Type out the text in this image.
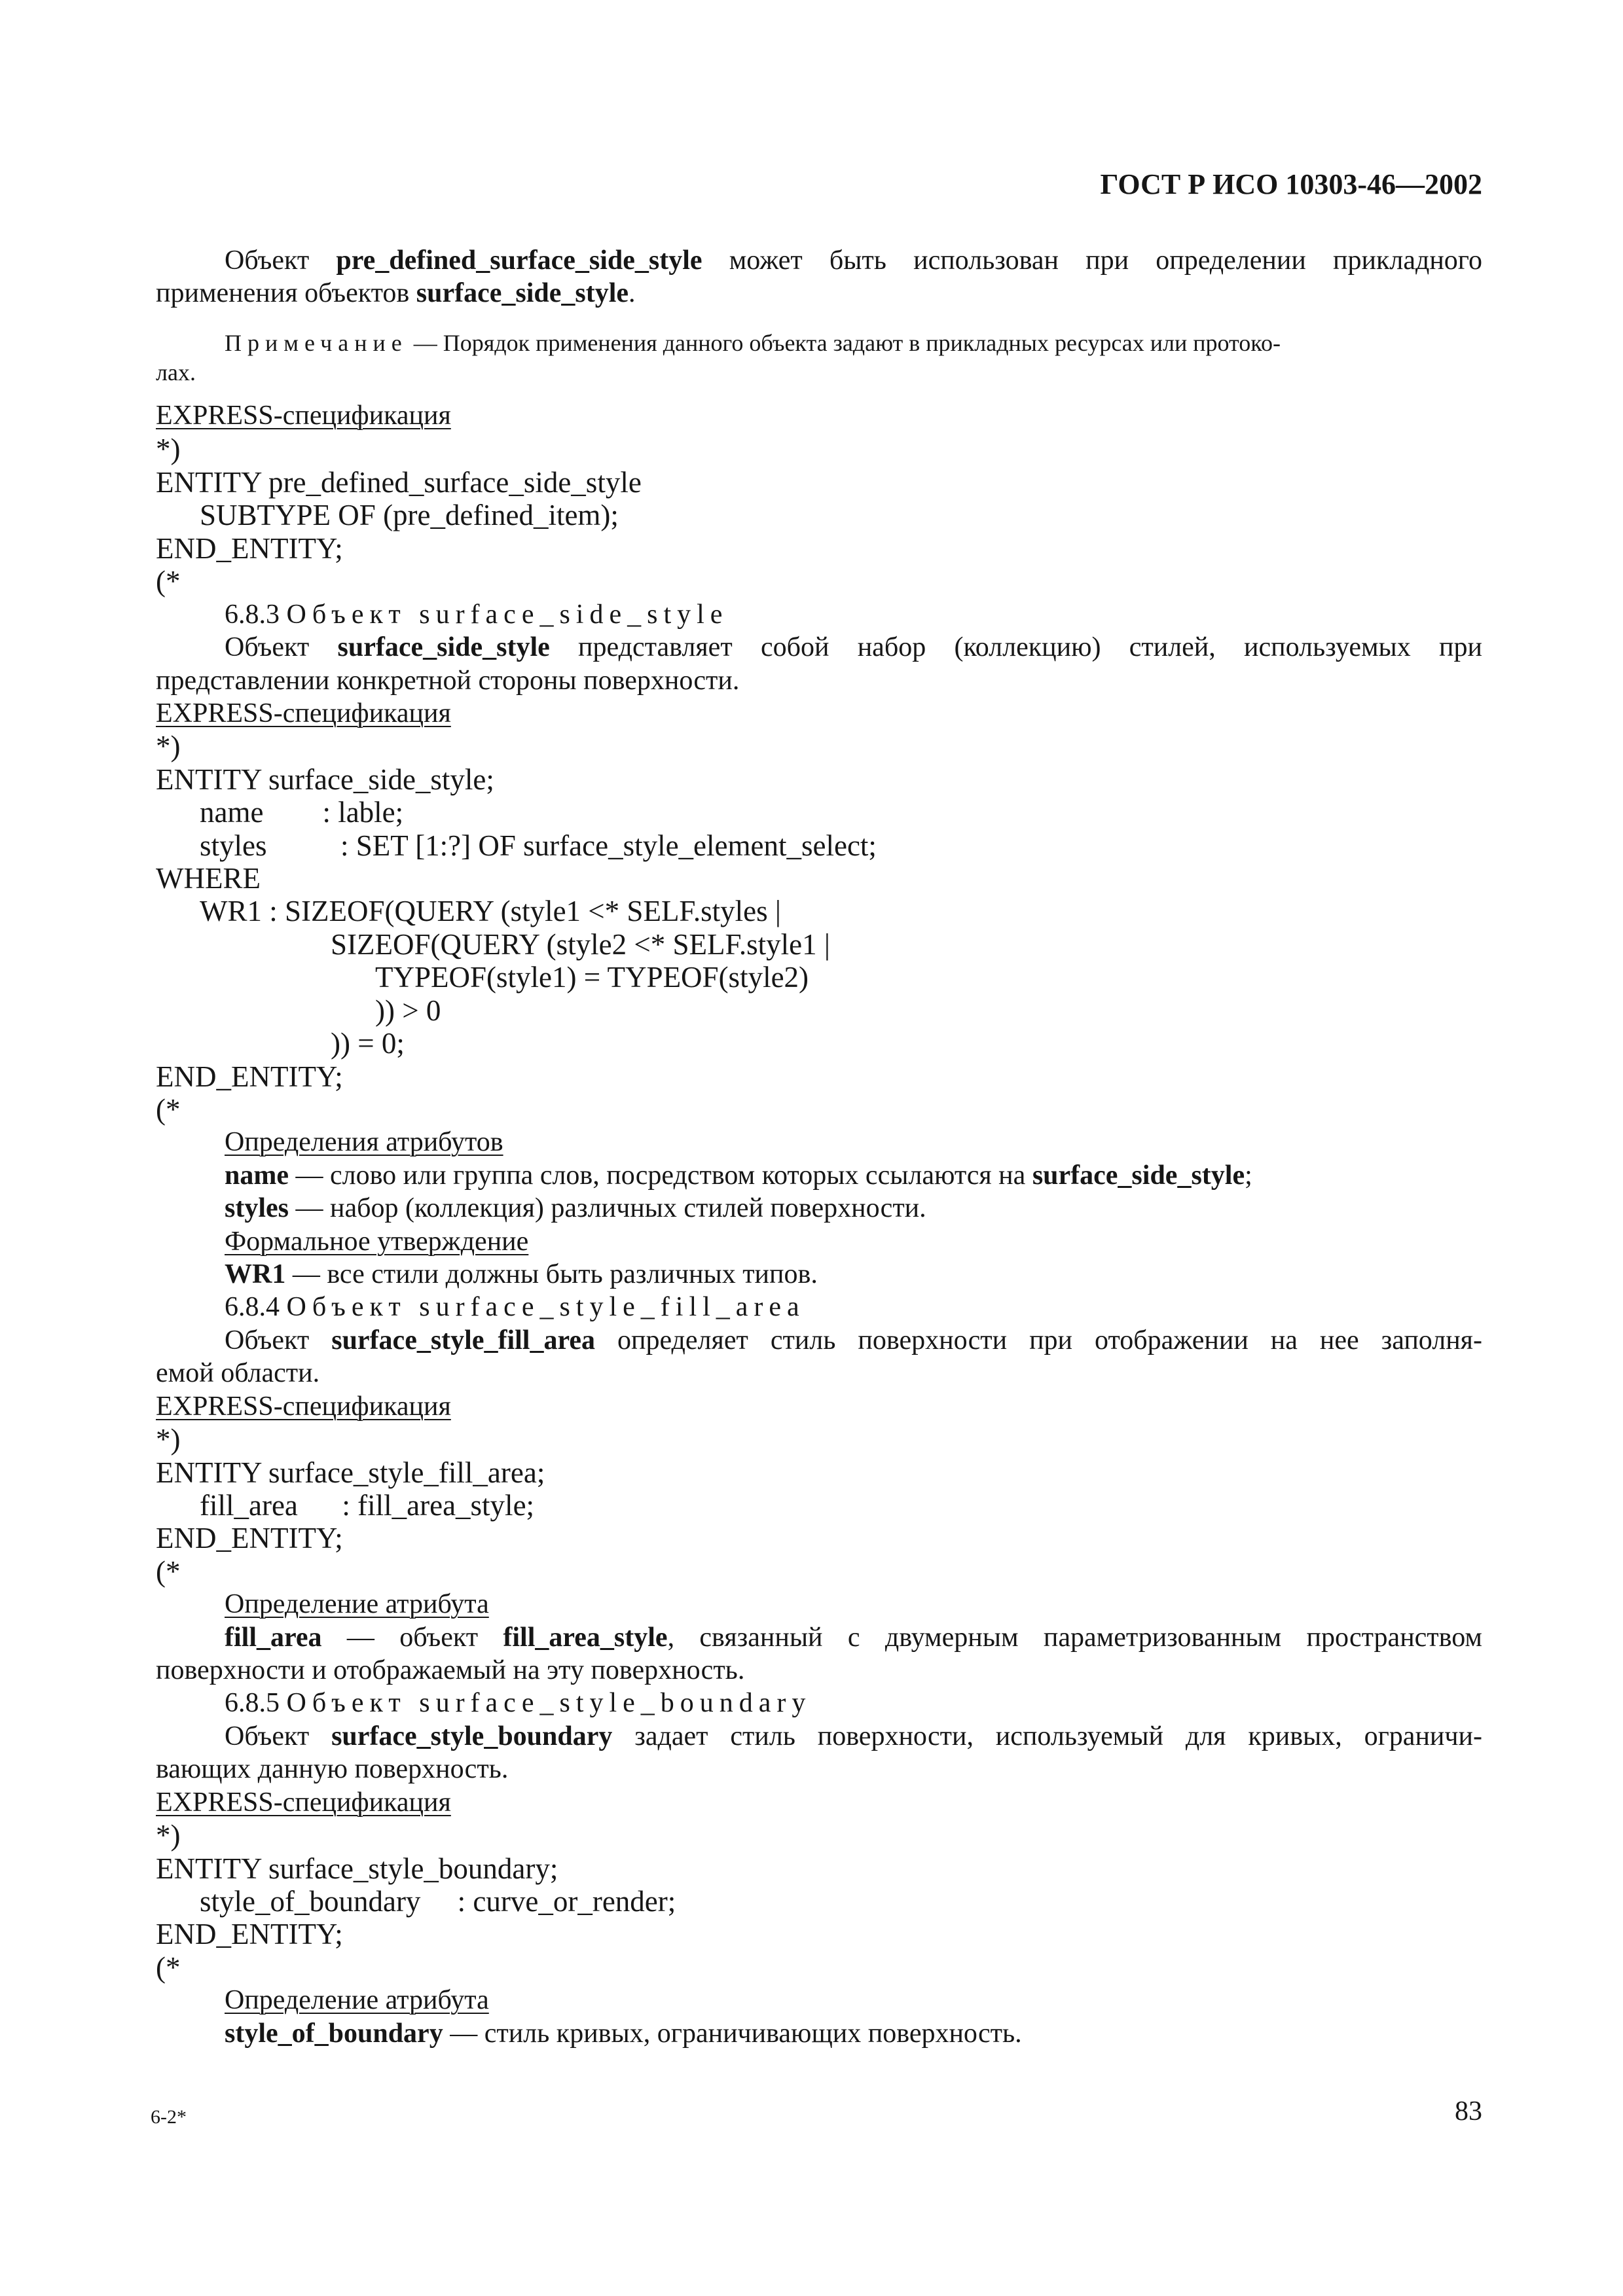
ГОСТ Р ИСО 10303-46—2002

Объект pre_defined_surface_side_style может быть использован при определении прикладного

применения объектов surface_side_style.

Примечание — Порядок применения данного объекта задают в прикладных ресурсах или протоко-

лах.

EXPRESS-спецификация

*)

ENTITY pre_defined_surface_side_style

SUBTYPE OF (pre_defined_item);

END_ENTITY;

(*

6.8.3 Объект surface_side_style

Объект surface_side_style представляет собой набор (коллекцию) стилей, используемых при

представлении конкретной стороны поверхности.

EXPRESS-спецификация

*)

ENTITY surface_side_style;

name        : lable;

styles          : SET [1:?] OF surface_style_element_select;

WHERE

WR1 : SIZEOF(QUERY (style1 <* SELF.styles |

SIZEOF(QUERY (style2 <* SELF.style1 |

TYPEOF(style1) = TYPEOF(style2)

)) > 0

)) = 0;

END_ENTITY;

(*

Определения атрибутов

name — слово или группа слов, посредством которых ссылаются на surface_side_style;

styles — набор (коллекция) различных стилей поверхности.

Формальное утверждение

WR1 — все стили должны быть различных типов.

6.8.4 Объект surface_style_fill_area

Объект surface_style_fill_area определяет стиль поверхности при отображении на нее заполня-

емой области.

EXPRESS-спецификация

*)

ENTITY surface_style_fill_area;

fill_area      : fill_area_style;

END_ENTITY;

(*

Определение атрибута

fill_area — объект fill_area_style, связанный с двумерным параметризованным пространством

поверхности и отображаемый на эту поверхность.

6.8.5 Объект surface_style_boundary

Объект surface_style_boundary задает стиль поверхности, используемый для кривых, ограничи-

вающих данную поверхность.

EXPRESS-спецификация

*)

ENTITY surface_style_boundary;

style_of_boundary     : curve_or_render;

END_ENTITY;

(*

Определение атрибута

style_of_boundary — стиль кривых, ограничивающих поверхность.

6-2*	83
